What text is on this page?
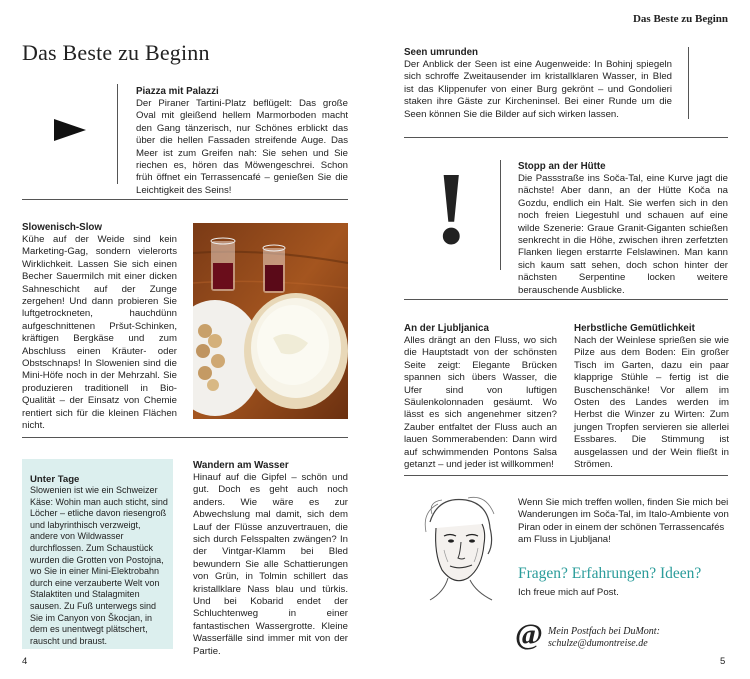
Das Beste zu Beginn
Das Beste zu Beginn
Piazza mit Palazzi
Der Piraner Tartini-Platz beflügelt: Das große Oval mit gleißend hellem Marmorboden macht den Gang tänzerisch, nur Schönes erblickt das über die hellen Fassaden streifende Auge. Das Meer ist zum Greifen nah: Sie sehen und Sie riechen es, hören das Möwengeschrei. Schon früh öffnet ein Terrassencafé – genießen Sie die Leichtigkeit des Seins!
Slowenisch-Slow
Kühe auf der Weide sind kein Marketing-Gag, sondern vielerorts Wirklichkeit. Lassen Sie sich einen Becher Sauermilch mit einer dicken Sahneschicht auf der Zunge zergehen! Und dann probieren Sie luftgetrockneten, hauchdünn aufgeschnittenen Pršut-Schinken, kräftigen Bergkäse und zum Abschluss einen Kräuter- oder Obstschnaps! In Slowenien sind die Mini-Höfe noch in der Mehrzahl. Sie produzieren traditionell in Bio-Qualität – der Einsatz von Chemie rentiert sich für die kleinen Flächen nicht.
Unter Tage
Slowenien ist wie ein Schweizer Käse: Wohin man auch sticht, sind Löcher – etliche davon riesengroß und labyrinthisch verzweigt, andere von Wildwasser durchflossen. Zum Schaustück wurden die Grotten von Postojna, wo Sie in einer Mini-Elektrobahn durch eine verzauberte Welt von Stalaktiten und Stalagmiten sausen. Zu Fuß unterwegs sind Sie im Canyon von Škocjan, in dem es unentwegt plätschert, rauscht und braust.
Wandern am Wasser
Hinauf auf die Gipfel – schön und gut. Doch es geht auch noch anders. Wie wäre es zur Abwechslung mal damit, sich dem Lauf der Flüsse anzuvertrauen, die sich durch Felsspalten zwängen? In der Vintgar-Klamm bei Bled bewundern Sie alle Schattierungen von Grün, in Tolmin schillert das kristallklare Nass blau und türkis. Und bei Kobarid endet der Schluchtenweg in einer fantastischen Wassergrotte. Kleine Wasserfälle sind immer mit von der Partie.
4
Seen umrunden
Der Anblick der Seen ist eine Augenweide: In Bohinj spiegeln sich schroffe Zweitausender im kristallklaren Wasser, in Bled ist das Klippenufer von einer Burg gekrönt – und Gondolieri staken ihre Gäste zur Kircheninsel. Bei einer Runde um die Seen können Sie die Bilder auf sich wirken lassen.
!	Stopp an der Hütte
Die Passstraße ins Soča-Tal, eine Kurve jagt die nächste! Aber dann, an der Hütte Koča na Gozdu, endlich ein Halt. Sie werfen sich in den noch freien Liegestuhl und schauen auf eine wilde Szenerie: Graue Granit-Giganten schießen senkrecht in die Höhe, zwischen ihren zerfetzten Flanken liegen erstarrte Felslawinen. Man kann sich kaum satt sehen, doch schon hinter der nächsten Serpentine locken weitere berauschende Ausblicke.
An der Ljubljanica
Alles drängt an den Fluss, wo sich die Hauptstadt von der schönsten Seite zeigt: Elegante Brücken spannen sich übers Wasser, die Ufer sind von luftigen Säulenkolonnaden gesäumt. Wo lässt es sich angenehmer sitzen? Zauber entfaltet der Fluss auch an lauen Sommerabenden: Dann wird auf schwimmenden Pontons Salsa getanzt – und jeder ist willkommen!
Herbstliche Gemütlichkeit
Nach der Weinlese sprießen sie wie Pilze aus dem Boden: Ein großer Tisch im Garten, dazu ein paar klapprige Stühle – fertig ist die Buschenschänke! Vor allem im Osten des Landes werden im Herbst die Winzer zu Wirten: Zum jungen Tropfen servieren sie allerlei Essbares. Die Stimmung ist ausgelassen und der Wein fließt in Strömen.
Wenn Sie mich treffen wollen, finden Sie mich bei Wanderungen im Soča-Tal, im Italo-Ambiente von Piran oder in einem der schönen Terrassencafés am Fluss in Ljubljana!
Fragen? Erfahrungen? Ideen?
Ich freue mich auf Post.
@ Mein Postfach bei DuMont:
schulze@dumontreise.de
5
